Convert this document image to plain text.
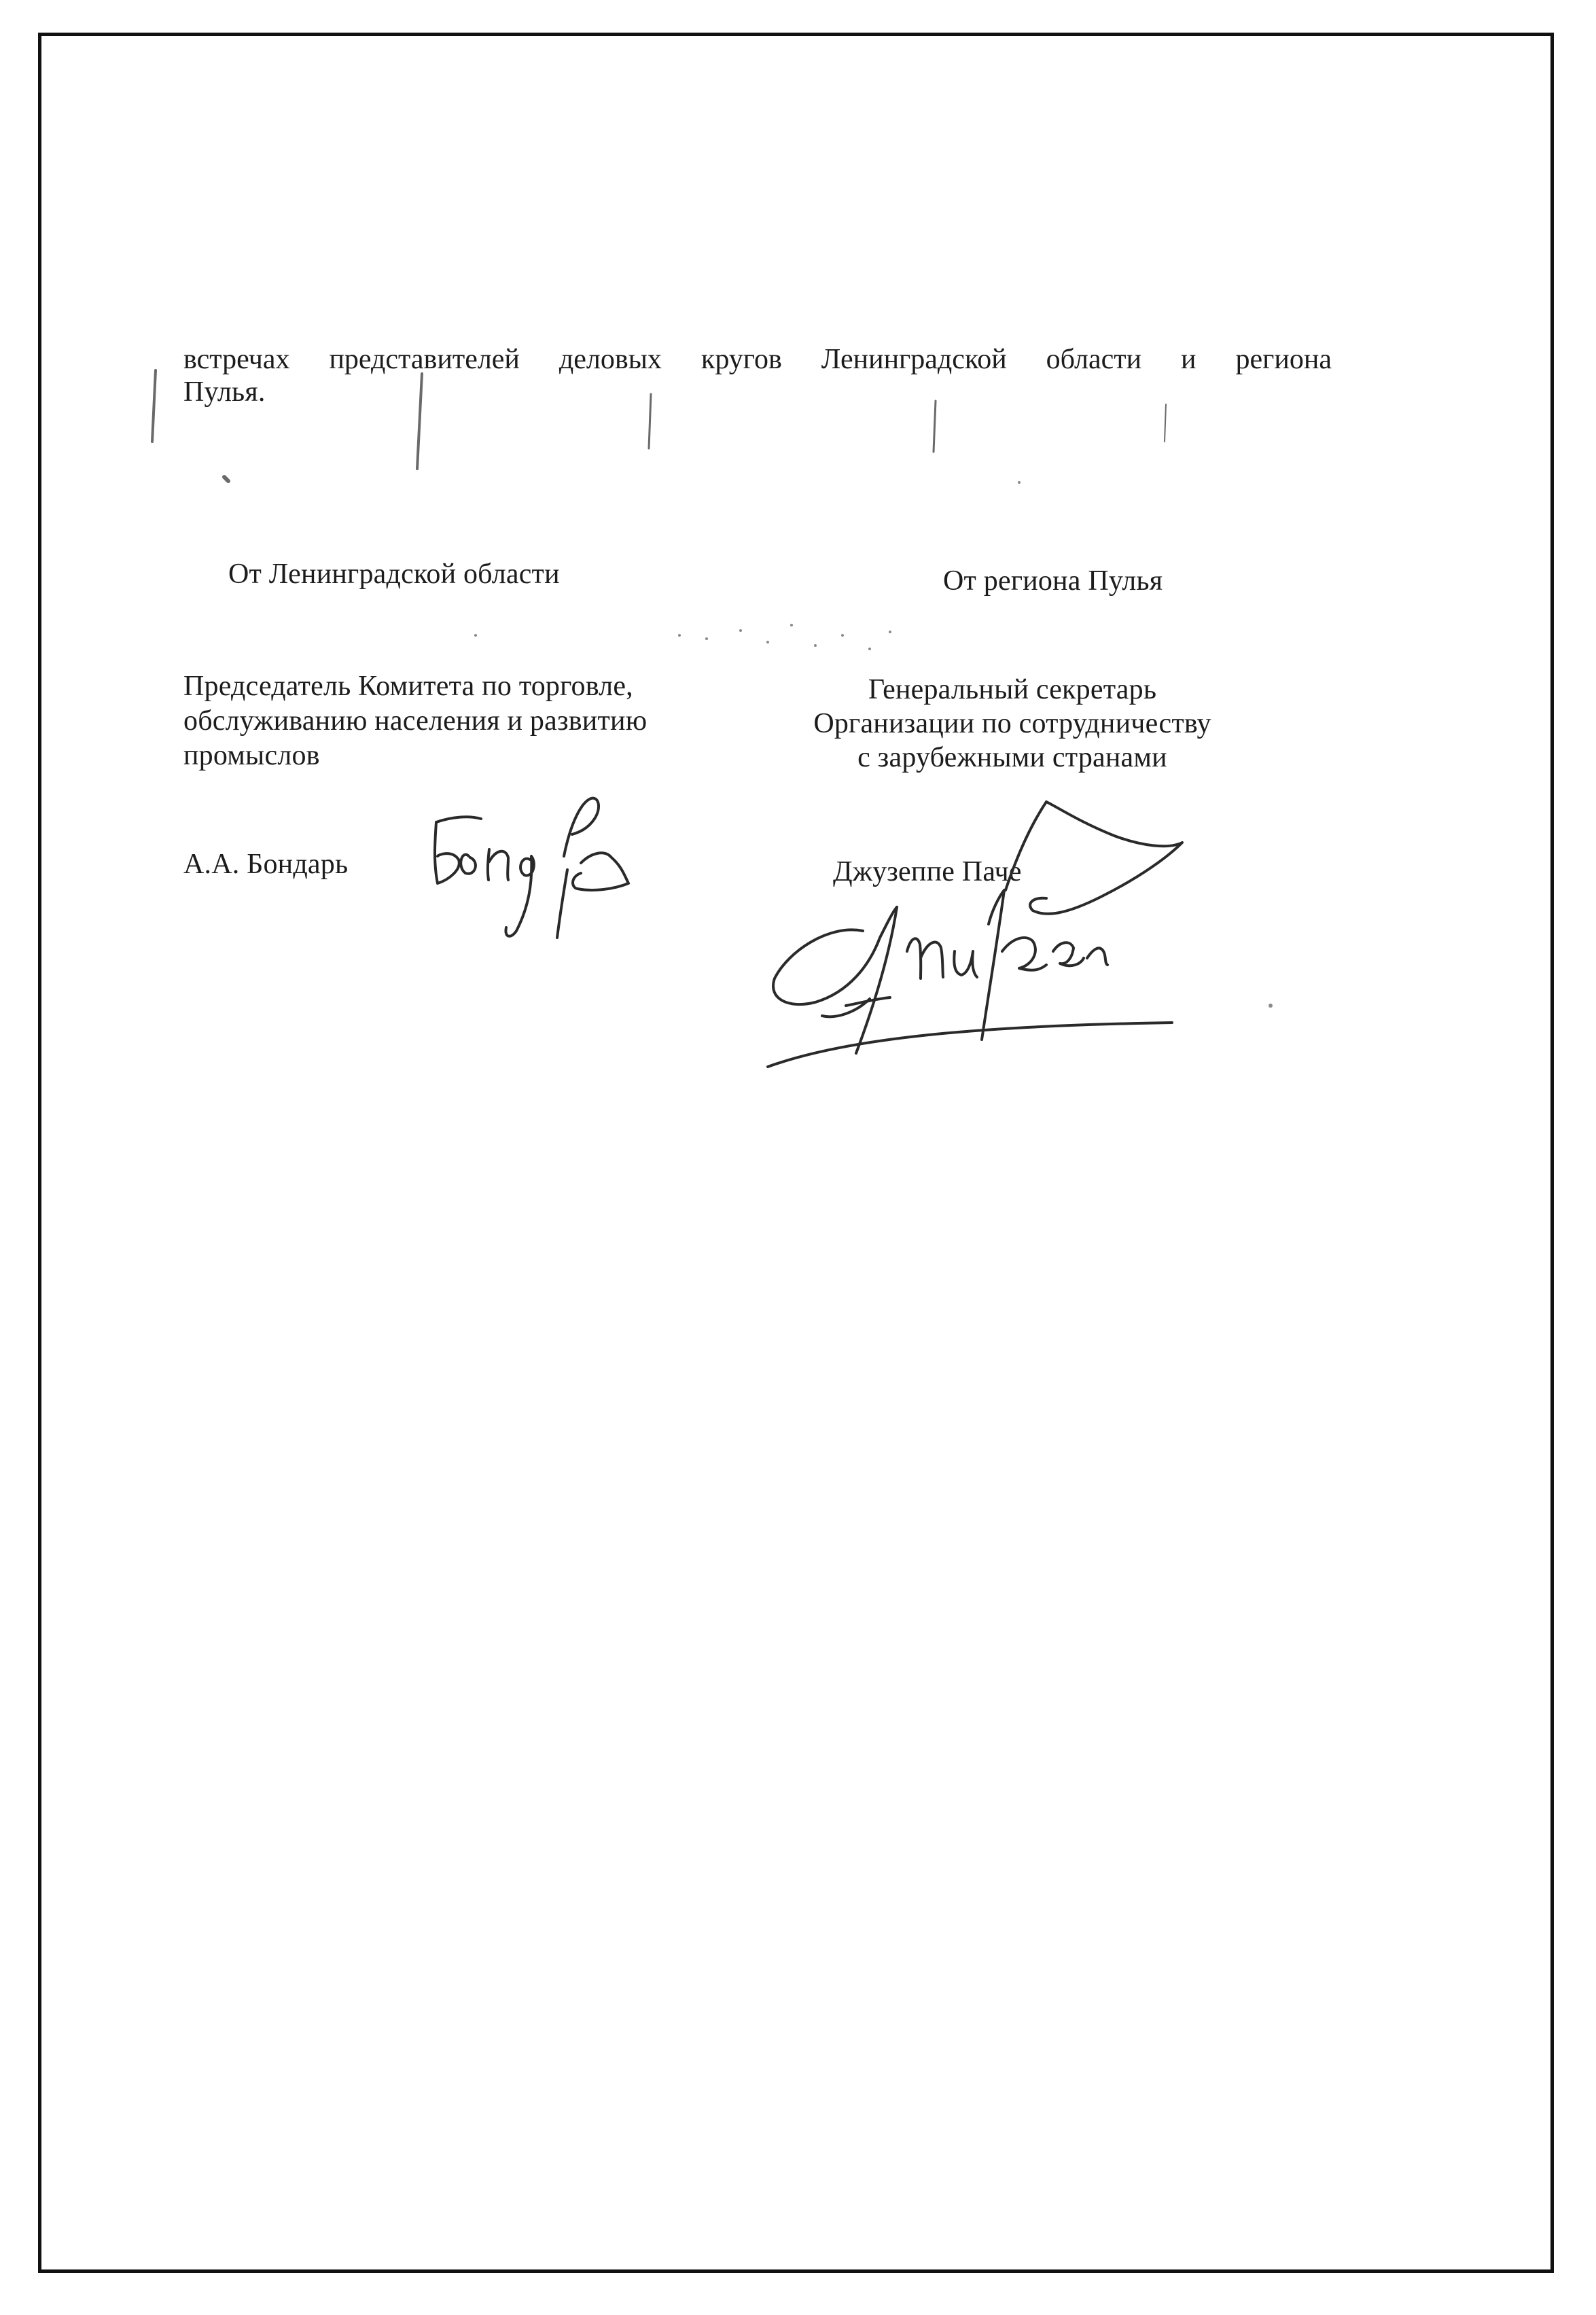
встречах представителей деловых кругов Ленинградской области и региона
Пулья.
От Ленинградской области	От региона Пулья
Председатель Комитета по торговле,
обслуживанию населения и развитию
промыслов
Генеральный секретарь
Организации по сотрудничеству
с зарубежными странами
А.А. Бондарь	Джузеппе Паче
